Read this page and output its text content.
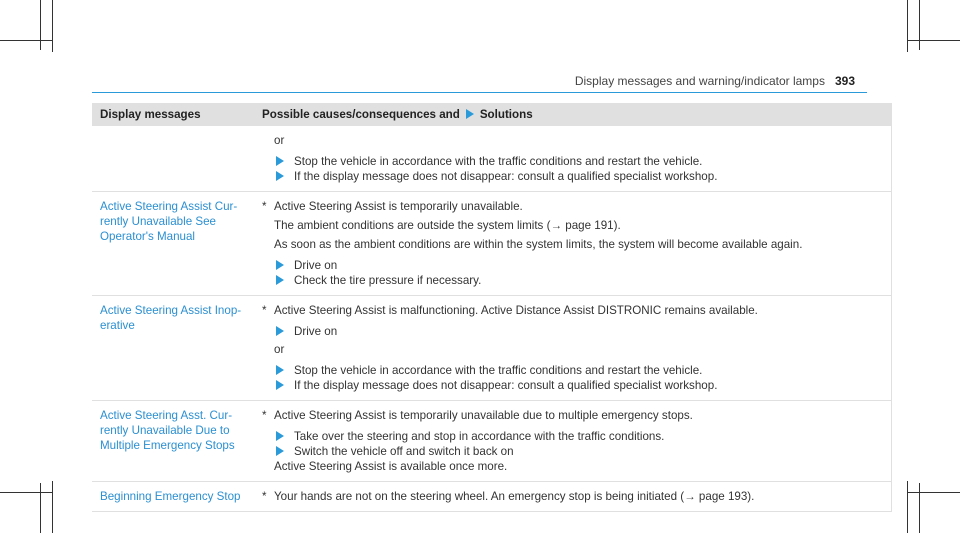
Display messages and warning/indicator lamps 393
Display messages	Possible causes/consequences and Solutions

	or
Stop the vehicle in accordance with the traffic conditions and restart the vehicle.
If the display message does not disappear: consult a qualified specialist workshop.

Active Steering Assist Cur-rently Unavailable See Operator's Manual	* Active Steering Assist is temporarily unavailable.
The ambient conditions are outside the system limits (→ page 191).
As soon as the ambient conditions are within the system limits, the system will become available again.
Drive on
Check the tire pressure if necessary.

Active Steering Assist Inop-erative	* Active Steering Assist is malfunctioning. Active Distance Assist DISTRONIC remains available.
Drive on
or
Stop the vehicle in accordance with the traffic conditions and restart the vehicle.
If the display message does not disappear: consult a qualified specialist workshop.

Active Steering Asst. Cur-rently Unavailable Due to Multiple Emergency Stops	* Active Steering Assist is temporarily unavailable due to multiple emergency stops.
Take over the steering and stop in accordance with the traffic conditions.
Switch the vehicle off and switch it back on
Active Steering Assist is available once more.

Beginning Emergency Stop	* Your hands are not on the steering wheel. An emergency stop is being initiated (→ page 193).
